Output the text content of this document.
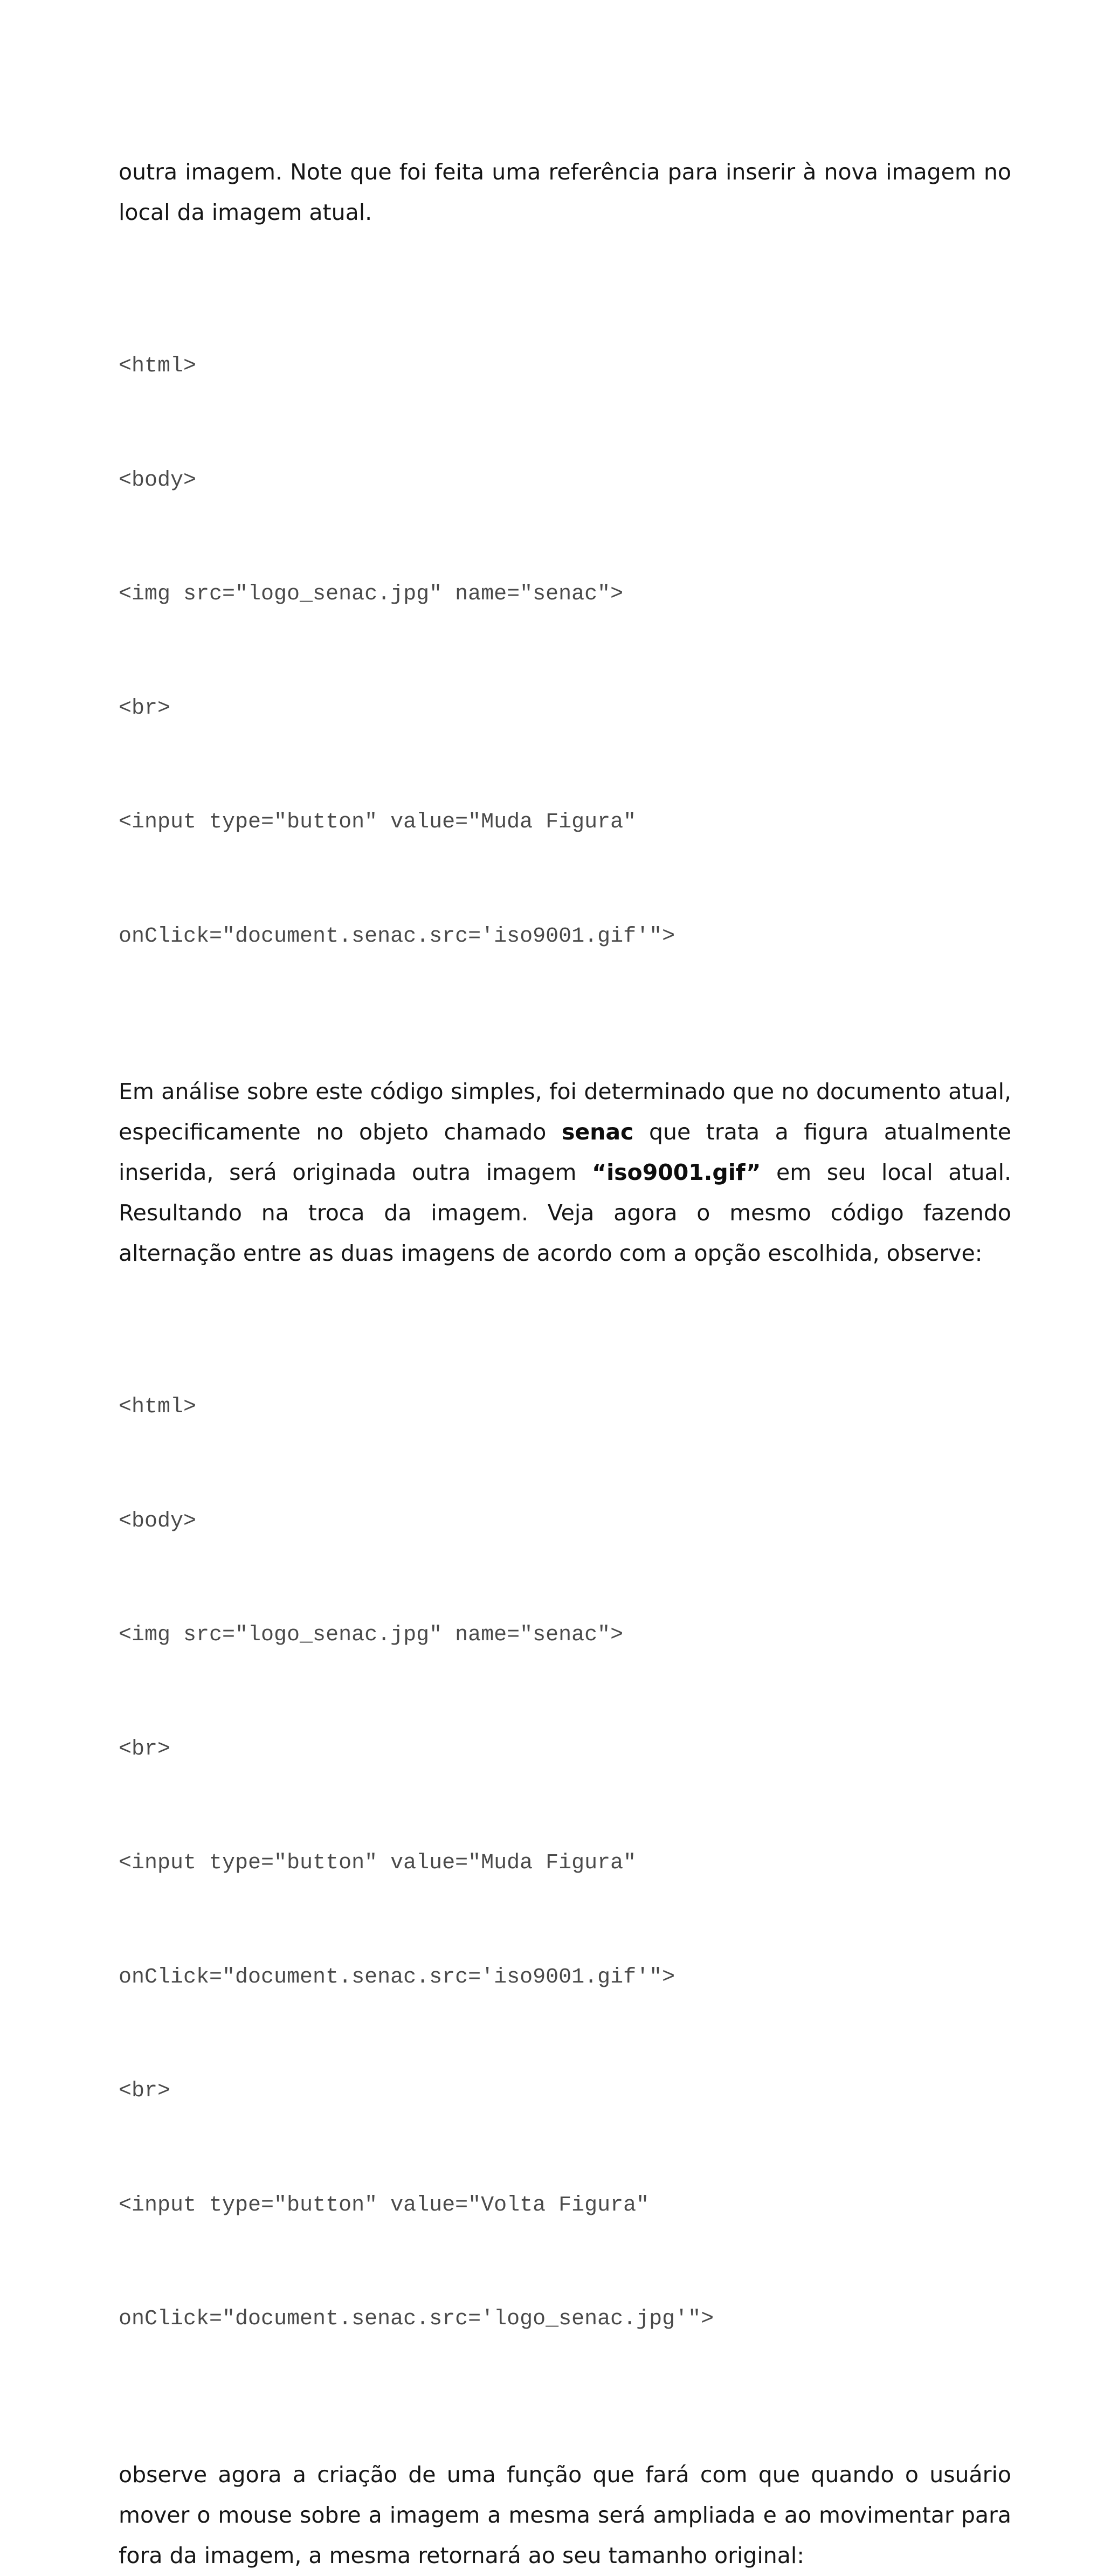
outra imagem. Note que foi feita uma referência para inserir à nova imagem no local da imagem atual.

<html>

<body>

<img src="logo_senac.jpg" name="senac">

<br>

<input type="button" value="Muda Figura"

onClick="document.senac.src='iso9001.gif'">

Em análise sobre este código simples, foi determinado que no documento atual, especificamente no objeto chamado senac que trata a figura atualmente inserida, será originada outra imagem “iso9001.gif” em seu local atual. Resultando na troca da imagem. Veja agora o mesmo código fazendo alternação entre as duas imagens de acordo com a opção escolhida, observe:

<html>

<body>

<img src="logo_senac.jpg" name="senac">

<br>

<input type="button" value="Muda Figura"

onClick="document.senac.src='iso9001.gif'">

<br>

<input type="button" value="Volta Figura"

onClick="document.senac.src='logo_senac.jpg'">

observe agora a criação de uma função que fará com que quando o usuário mover o mouse sobre a imagem a mesma será ampliada e ao movimentar para fora da imagem, a mesma retornará ao seu tamanho original:
